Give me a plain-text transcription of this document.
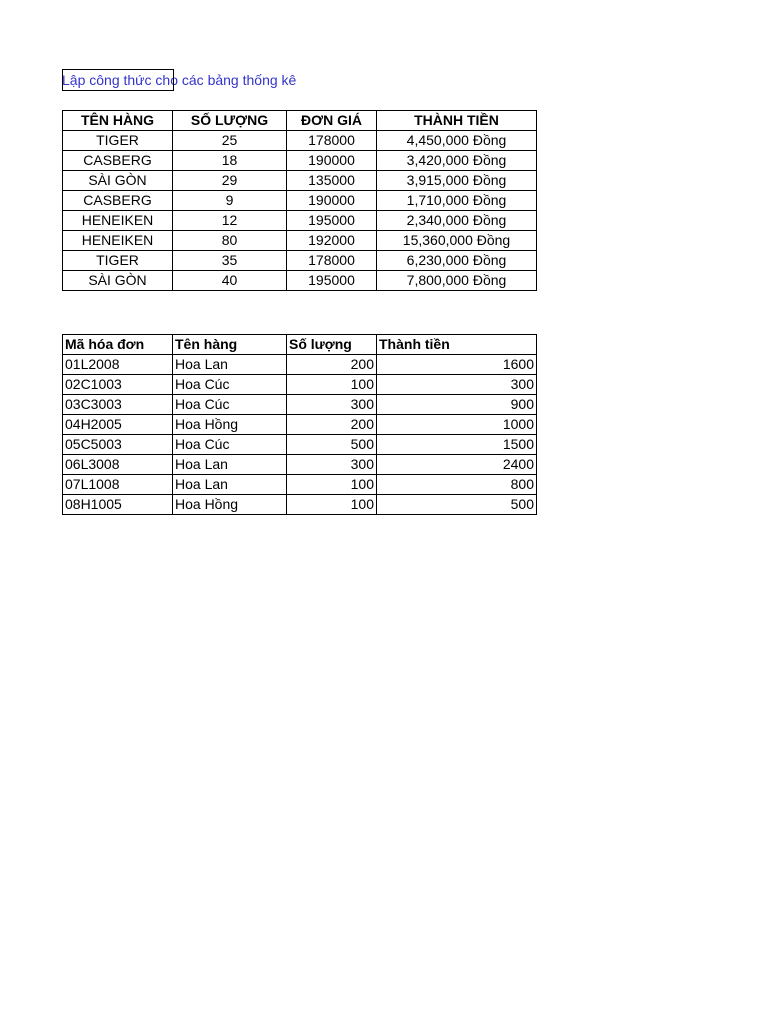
Lập công thức cho các bảng thống kê
TÊN HÀNG	SỐ LƯỢNG	ĐƠN GIÁ	THÀNH TIỀN
TIGER	25	178000	4,450,000 Đồng
CASBERG	18	190000	3,420,000 Đồng
SÀI GÒN	29	135000	3,915,000 Đồng
CASBERG	9	190000	1,710,000 Đồng
HENEIKEN	12	195000	2,340,000 Đồng
HENEIKEN	80	192000	15,360,000 Đồng
TIGER	35	178000	6,230,000 Đồng
SÀI GÒN	40	195000	7,800,000 Đồng
Mã hóa đơn	Tên hàng	Số lượng	Thành tiền
01L2008	Hoa Lan	200	1600
02C1003	Hoa Cúc	100	300
03C3003	Hoa Cúc	300	900
04H2005	Hoa Hồng	200	1000
05C5003	Hoa Cúc	500	1500
06L3008	Hoa Lan	300	2400
07L1008	Hoa Lan	100	800
08H1005	Hoa Hồng	100	500
